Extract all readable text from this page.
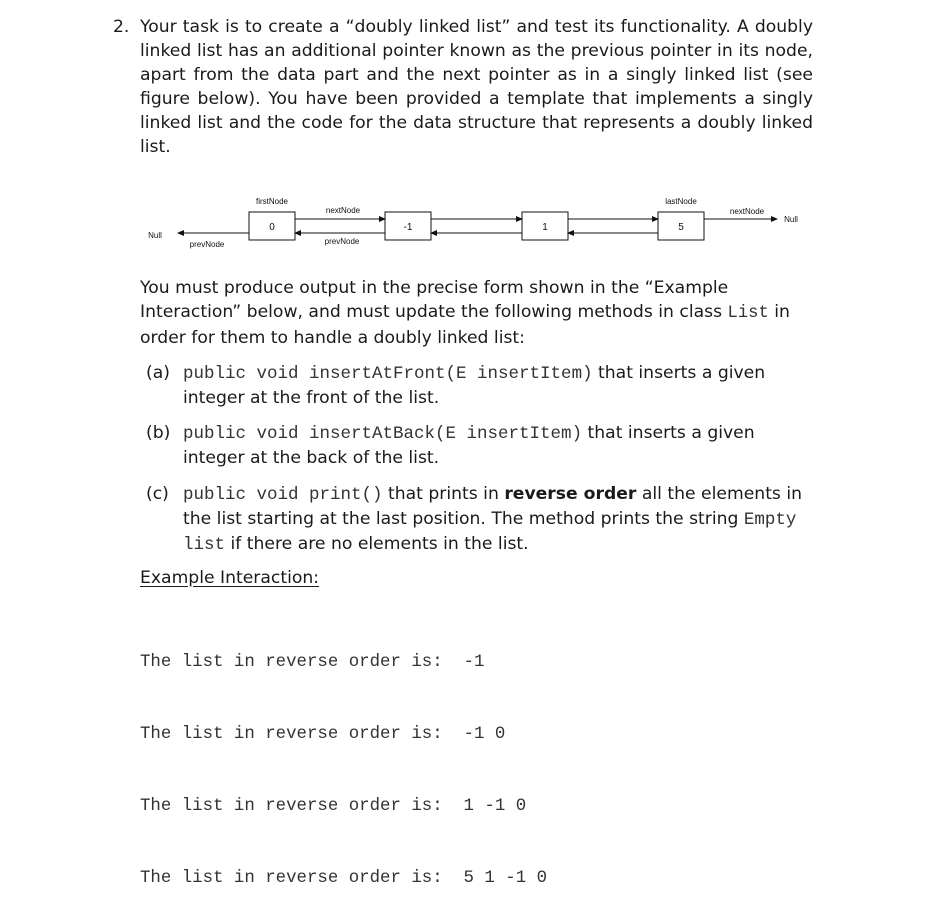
2. Your task is to create a “doubly linked list” and test its functionality. A doubly linked list has an additional pointer known as the previous pointer in its node, apart from the data part and the next pointer as in a singly linked list (see figure below). You have been provided a template that implements a singly linked list and the code for the data structure that represents a doubly linked list.
0	-1	1	5
firstNode	lastNode
nextNode
prevNode
nextNode
prevNode
Null
Null
You must produce output in the precise form shown in the “Example Interaction” below, and must update the following methods in class List in order for them to handle a doubly linked list:
(a) public void insertAtFront(E insertItem) that inserts a given integer at the front of the list.
(b) public void insertAtBack(E insertItem) that inserts a given integer at the back of the list.
(c) public void print() that prints in reverse order all the elements in the list starting at the last position. The method prints the string Empty list if there are no elements in the list.
Example Interaction:

The list in reverse order is: -1

The list in reverse order is: -1 0

The list in reverse order is: 1 -1 0

The list in reverse order is: 5 1 -1 0
